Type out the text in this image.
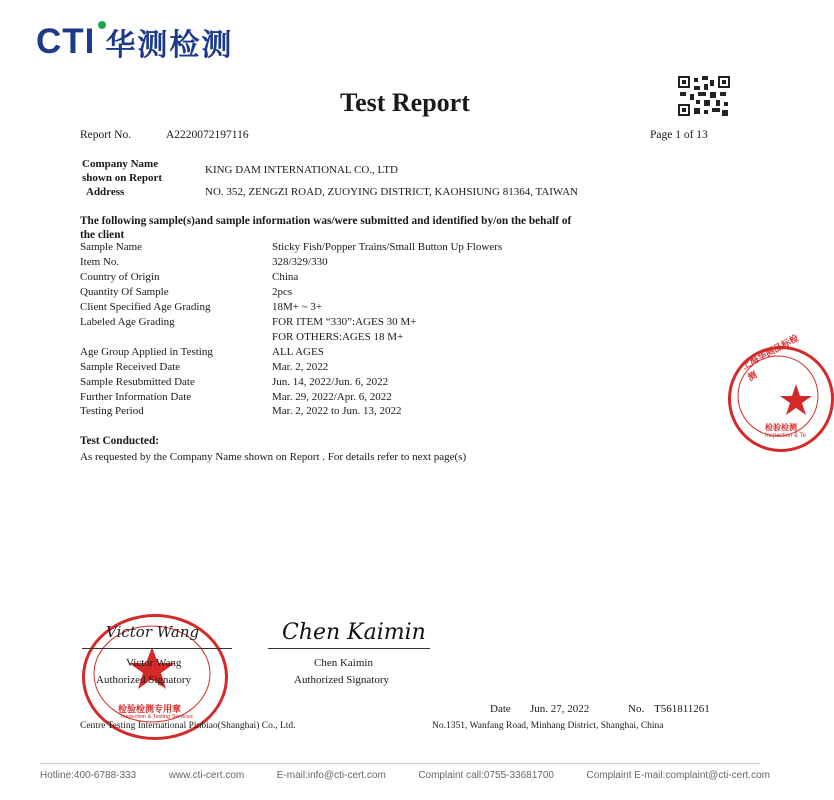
CTI 华测检测
Test Report
Report No.	A2220072197116	Page 1 of 13
Company Name
shown on Report
KING DAM INTERNATIONAL CO., LTD
Address	NO. 352, ZENGZI ROAD, ZUOYING DISTRICT, KAOHSIUNG 81364, TAIWAN
The following sample(s)and sample information was/were submitted and identified by/on the behalf of
the client
Sample Name	Sticky Fish/Popper Trains/Small Button Up Flowers
Item No.	328/329/330
Country of Origin	China
Quantity Of Sample	2pcs
Client Specified Age Grading	18M+ ~ 3+
Labeled Age Grading	FOR ITEM “330”:AGES 30 M+
FOR OTHERS:AGES 18 M+
Age Group Applied in Testing	ALL AGES
Sample Received Date	Mar. 2, 2022
Sample Resubmitted Date	Jun. 14, 2022/Jun. 6, 2022
Further Information Date	Mar. 29, 2022/Apr. 6, 2022
Testing Period	Mar. 2, 2022 to Jun. 13, 2022
Test Conducted:
As requested by the Company Name shown on Report . For details refer to next page(s)
上海华测品标检测
检验检测
Inspection & Te
检验检测专用章
Inspection & Testing Services
Victor Wang
Victor Wang
Authorized Signatory
Chen Kaimin
Chen Kaimin
Authorized Signatory
Date Jun. 27, 2022	No. T561811261
Centre Testing International Pinbiao(Shanghai) Co., Ltd.	No.1351, Wanfang Road, Minhang District, Shanghai, China
Hotline:400-6788-333	www.cti-cert.com	E-mail:info@cti-cert.com	Complaint call:0755-33681700	Complaint E-mail:complaint@cti-cert.com
